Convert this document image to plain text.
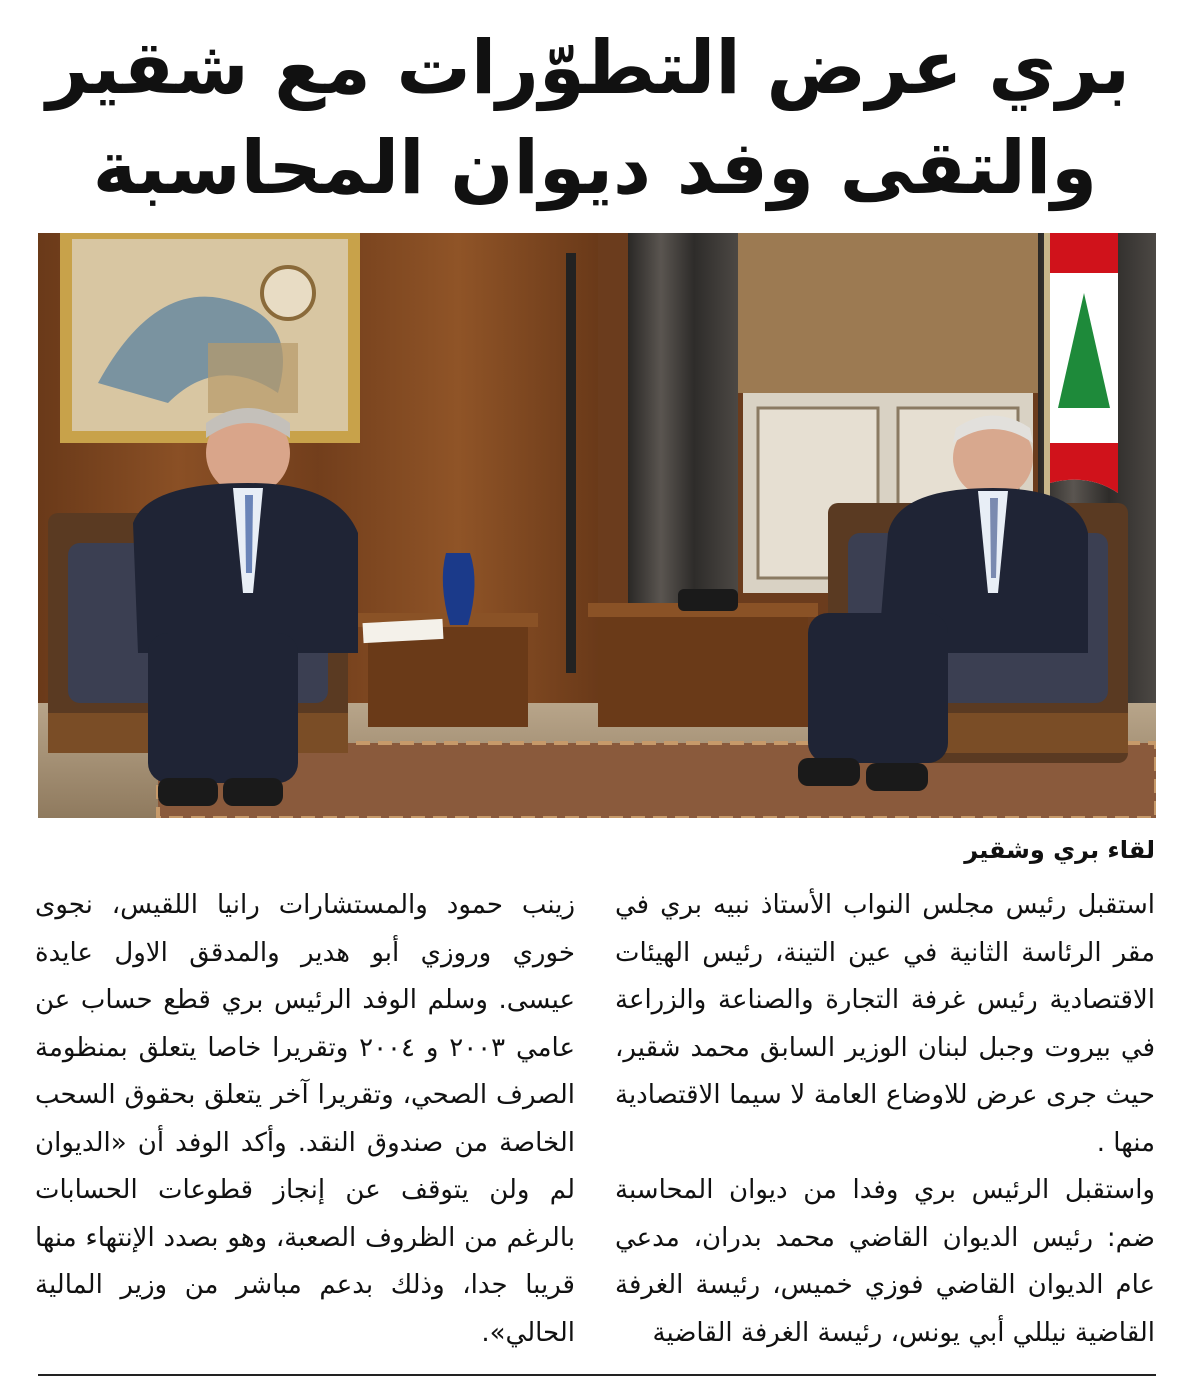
بري عرض التطوّرات مع شقير
والتقى وفد ديوان المحاسبة
لقاء بري وشقير

استقبل رئيس مجلس النواب الأستاذ نبيه بري في مقر الرئاسة الثانية في عين التينة، رئيس الهيئات الاقتصادية رئيس غرفة التجارة والصناعة والزراعة في بيروت وجبل لبنان الوزير السابق محمد شقير، حيث جرى عرض للاوضاع العامة لا سيما الاقتصادية منها .

واستقبل الرئيس بري وفدا من ديوان المحاسبة ضم: رئيس الديوان القاضي محمد بدران، مدعي عام الديوان القاضي فوزي خميس، رئيسة الغرفة القاضية نيللي أبي يونس، رئيسة الغرفة القاضية

زينب حمود والمستشارات رانيا اللقيس، نجوى خوري وروزي أبو هدير والمدقق الاول عايدة عيسى. وسلم الوفد الرئيس بري قطع حساب عن عامي ٢٠٠٣ و ٢٠٠٤ وتقريرا خاصا يتعلق بمنظومة الصرف الصحي، وتقريرا آخر يتعلق بحقوق السحب الخاصة من صندوق النقد. وأكد الوفد أن «الديوان لم ولن يتوقف عن إنجاز قطوعات الحسابات بالرغم من الظروف الصعبة، وهو بصدد الإنتهاء منها قريبا جدا، وذلك بدعم مباشر من وزير المالية الحالي».
